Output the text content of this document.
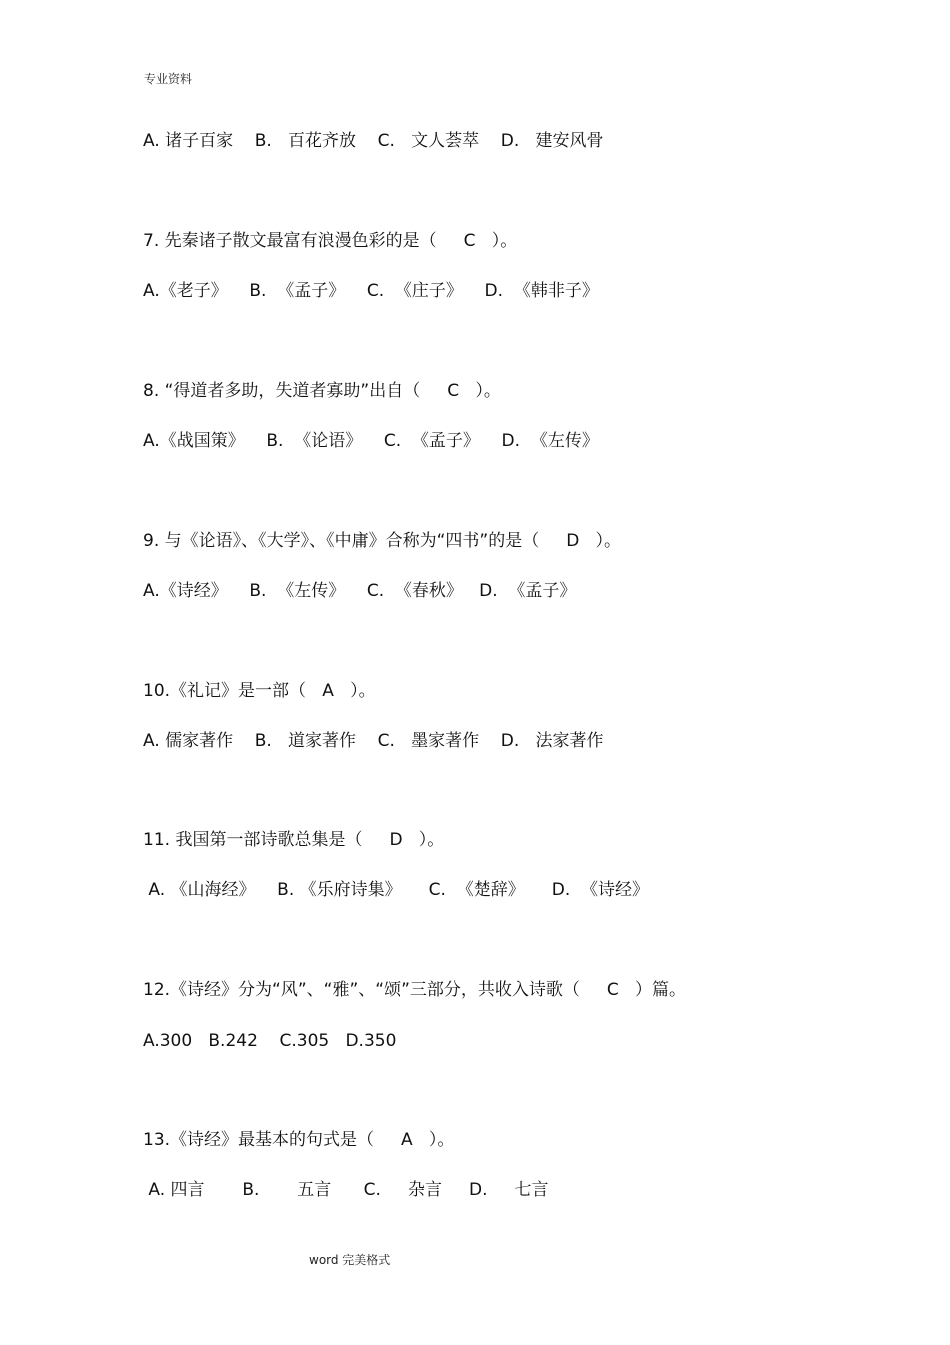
专业资料
A. 诸子百家    B.   百花齐放    C.   文人荟萃    D.   建安风骨
7. 先秦诸子散文最富有浪漫色彩的是（     C   ）。
A.《老子》    B.  《孟子》    C.  《庄子》    D.  《韩非子》
8. “得道者多助，失道者寡助”出自（     C   ）。
A.《战国策》    B.  《论语》    C.  《孟子》    D.  《左传》
9. 与《论语》、《大学》、《中庸》合称为“四书”的是（     D   ）。
A.《诗经》    B.  《左传》    C.  《春秋》   D.  《孟子》
10.《礼记》是一部（   A   ）。
A. 儒家著作    B.   道家著作    C.   墨家著作    D.   法家著作
11. 我国第一部诗歌总集是（     D   ）。
A. 《山海经》    B. 《乐府诗集》     C.  《楚辞》     D.  《诗经》
12.《诗经》分为“风”、“雅”、“颂”三部分，共收入诗歌（     C   ）篇。
A.300   B.242    C.305   D.350
13.《诗经》最基本的句式是（     A   ）。
A. 四言       B.       五言      C.     杂言     D.     七言
word 完美格式
